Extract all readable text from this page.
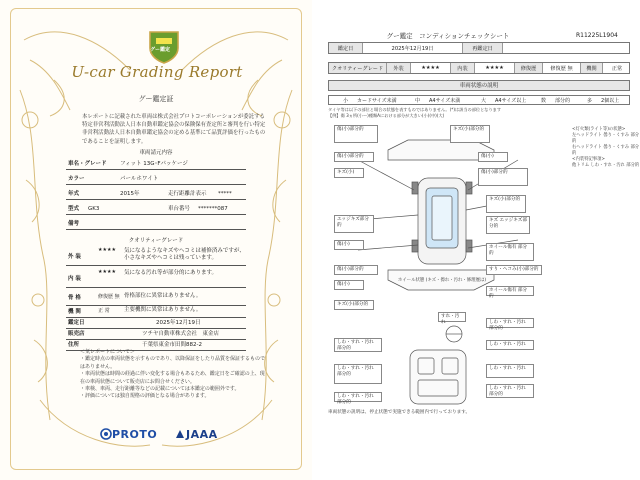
グー鑑定
U-car Grading Report
グー鑑定証
本レポートに記載された車両は株式会社プロトコーポレーションが委託する特定非営利活動法人日本自動車鑑定協会の保険保有査定所と審判を行い特定非営利活動法人日本自動車鑑定協会の定める基準にて品質評価を行ったものであることを証明します。
車両請元内容
車名・グレード フィット 13G･Fパッケージ
カラー	パールホワイト
年式	2015年	走行距離計表示 *****
型式 GK3	車台番号 *******087
備考
クオリティーグレード
外 装
★★★★ 気になるようなキズやヘコミは補修済みですが、小さなキズやヘコミは残っています。
内 装
★★★★ 気になる汚れ等が部分的にあります。
骨 格	修復歴 無 骨格部位に異常はありません。
機 関	正 常	主要機関に異常はありません。
鑑定日	2025年12月19日
販売店	ツチヤ自動車株式会社　東金店
住所	千葉県東金市田間882-2
＜気レポートについて＞
・鑑定時点の車両状態を示すものであり、以降保証をしたり品質を保証するものではありません。
・車両状態は時間の経過に伴い変化する場合もあるため、鑑定日をご確認の上、現在の車両状態について販売店にお問合せください。
・車検、車両、走行距離等などの記載については本鑑定の範囲外です。
・評価については独自規格の評価となる場合があります。
PROTO	JAAA
グー鑑定　コンディションチェックシート	R11225L1904
鑑定日	2025年12月19日	再鑑定日
クオリティーグレード	外装	★★★★	内装	★★★★	修復歴	修復歴 無	機関	正常
車両状態の説明
小 カードサイズ未満	中 A4サイズ未満	大 A4サイズ以上	数 部分的	多 2個以上
タイヤ等は以下の部位と場合の状態を表すものではありません。(*)は該当の部位となります
【例】傷 3ヵ所(小～)種類Aにおける部分が大きい(小)(中)(大)
傷(小)部分的	キズ(小)部分的
傷(小)部分的	傷(小)
キズ(小)	傷(小)部分的
エッジキズ部分的
キズ(小)部分的
傷(小)
キズ エッジキズ部分的
傷(小)部分的
ホイール傷有 部分的
傷(小)
すり・ヘコみ(小)部分的
キズ(小)部分的
ホイール傷有 部分的
しわ・すれ・汚れ 部分的
しわ・すれ・汚れ
しわ・すれ・汚れ 部分的
しわ・すれ・汚れ
しわ・すれ・汚れ 部分的
しわ・すれ・汚れ 部分的
すれ・汚れ	しわ・すれ・汚れ 部分的
<灯火類(ライト等)の状態>
左ヘッドライト 曇り・くすみ 部分的
右ヘッドライト 曇り・くすみ 部分的
<内装特記事項>
他トリム しわ・すれ・汚れ 部分的
ホイール状態 (キズ・擦れ・汚れ・修理歴は)
車両状態の説明は、停止状態で実施できる範囲内で行っております。
